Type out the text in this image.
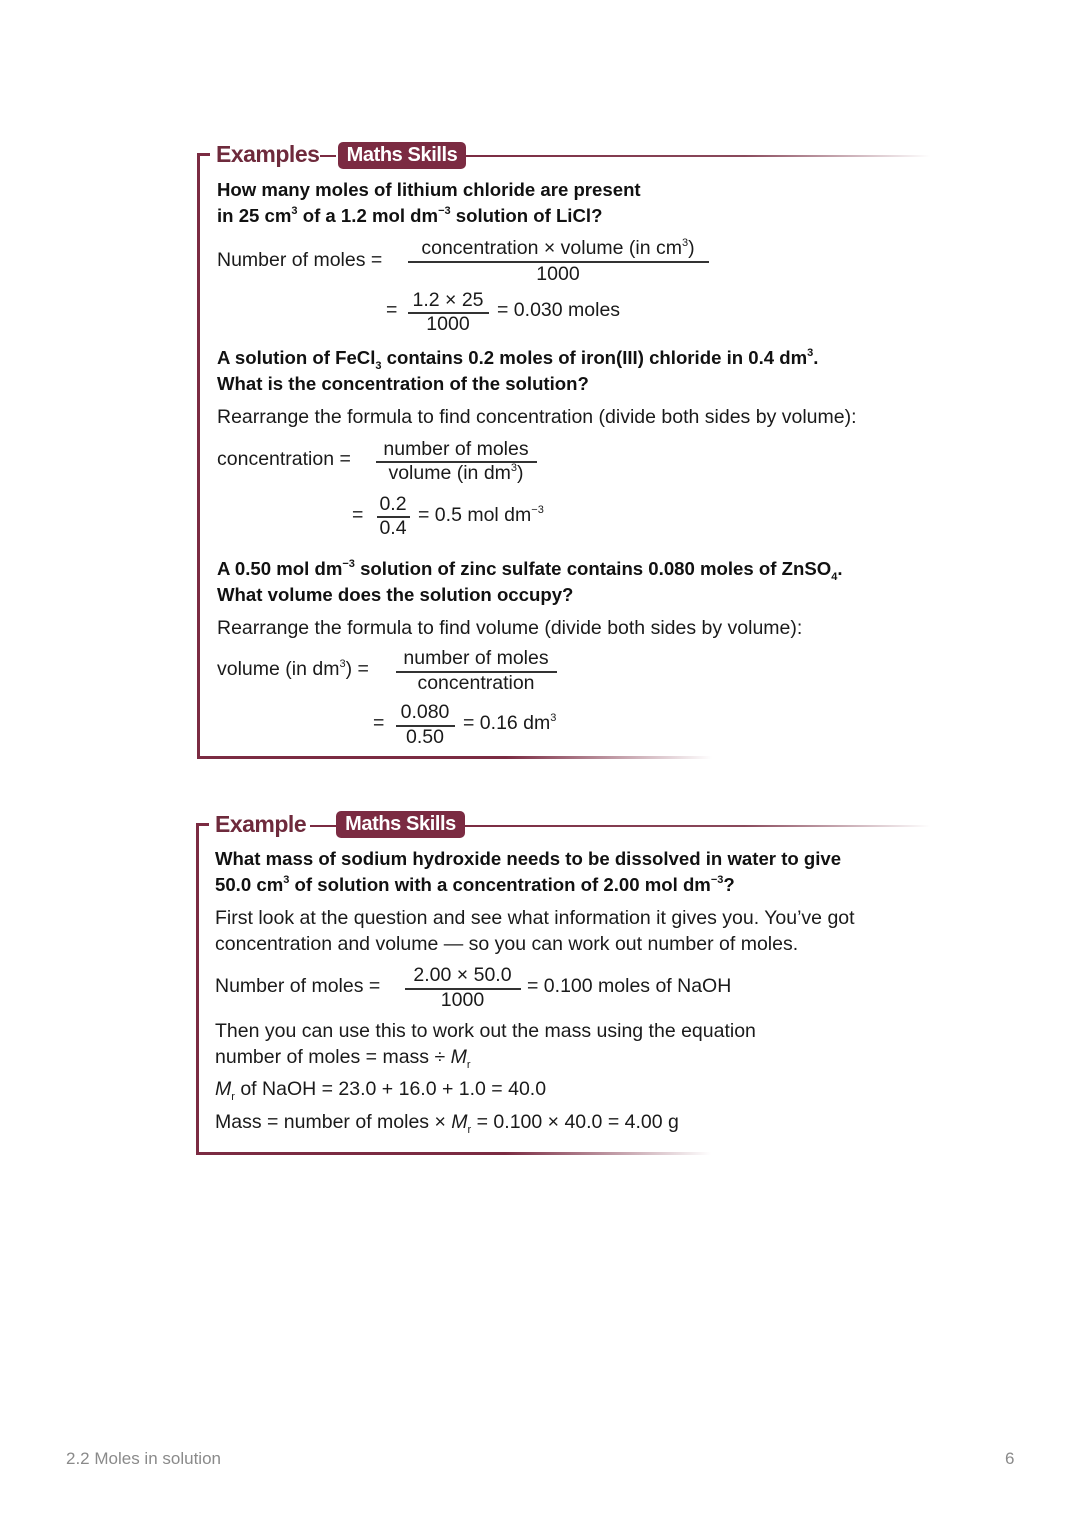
Examples	Maths Skills
How many moles of lithium chloride are present
in 25 $cm^3$ of a 1.2 mol $dm^{-3}$ solution of LiCl?
Number of moles =
concentration × volume (in $cm^3$)
1000
= 1.2 × 25
1000
= 0.030 moles
A solution of FeCl$_3$ contains 0.2 moles of iron(III) chloride in 0.4 $dm^3$.
What is the concentration of the solution?
Rearrange the formula to find concentration (divide both sides by volume):
concentration =	number of moles
volume (in $dm^3$)
= 0.2
0.4
= 0.5 mol $dm^{-3}$
A 0.50 mol $dm^{-3}$ solution of zinc sulfate contains 0.080 moles of ZnSO$_4$.
What volume does the solution occupy?
Rearrange the formula to find volume (divide both sides by volume):
volume (in $dm^3$) =	number of moles
concentration
= 0.080
0.50
= 0.16 $dm^3$
Example	Maths Skills
What mass of sodium hydroxide needs to be dissolved in water to give
50.0 $cm^3$ of solution with a concentration of 2.00 mol $dm^{-3}$?
First look at the question and see what information it gives you. You’ve got
concentration and volume — so you can work out number of moles.
Number of moles =	2.00 × 50.0
1000
= 0.100 moles of NaOH
Then you can use this to work out the mass using the equation
number of moles = mass ÷ $M_r$
$M_r$ of NaOH = 23.0 + 16.0 + 1.0 = 40.0
Mass = number of moles × $M_r = 0.100 \times 40.0 = 4.00$ g
2.2 Moles in solution	6
